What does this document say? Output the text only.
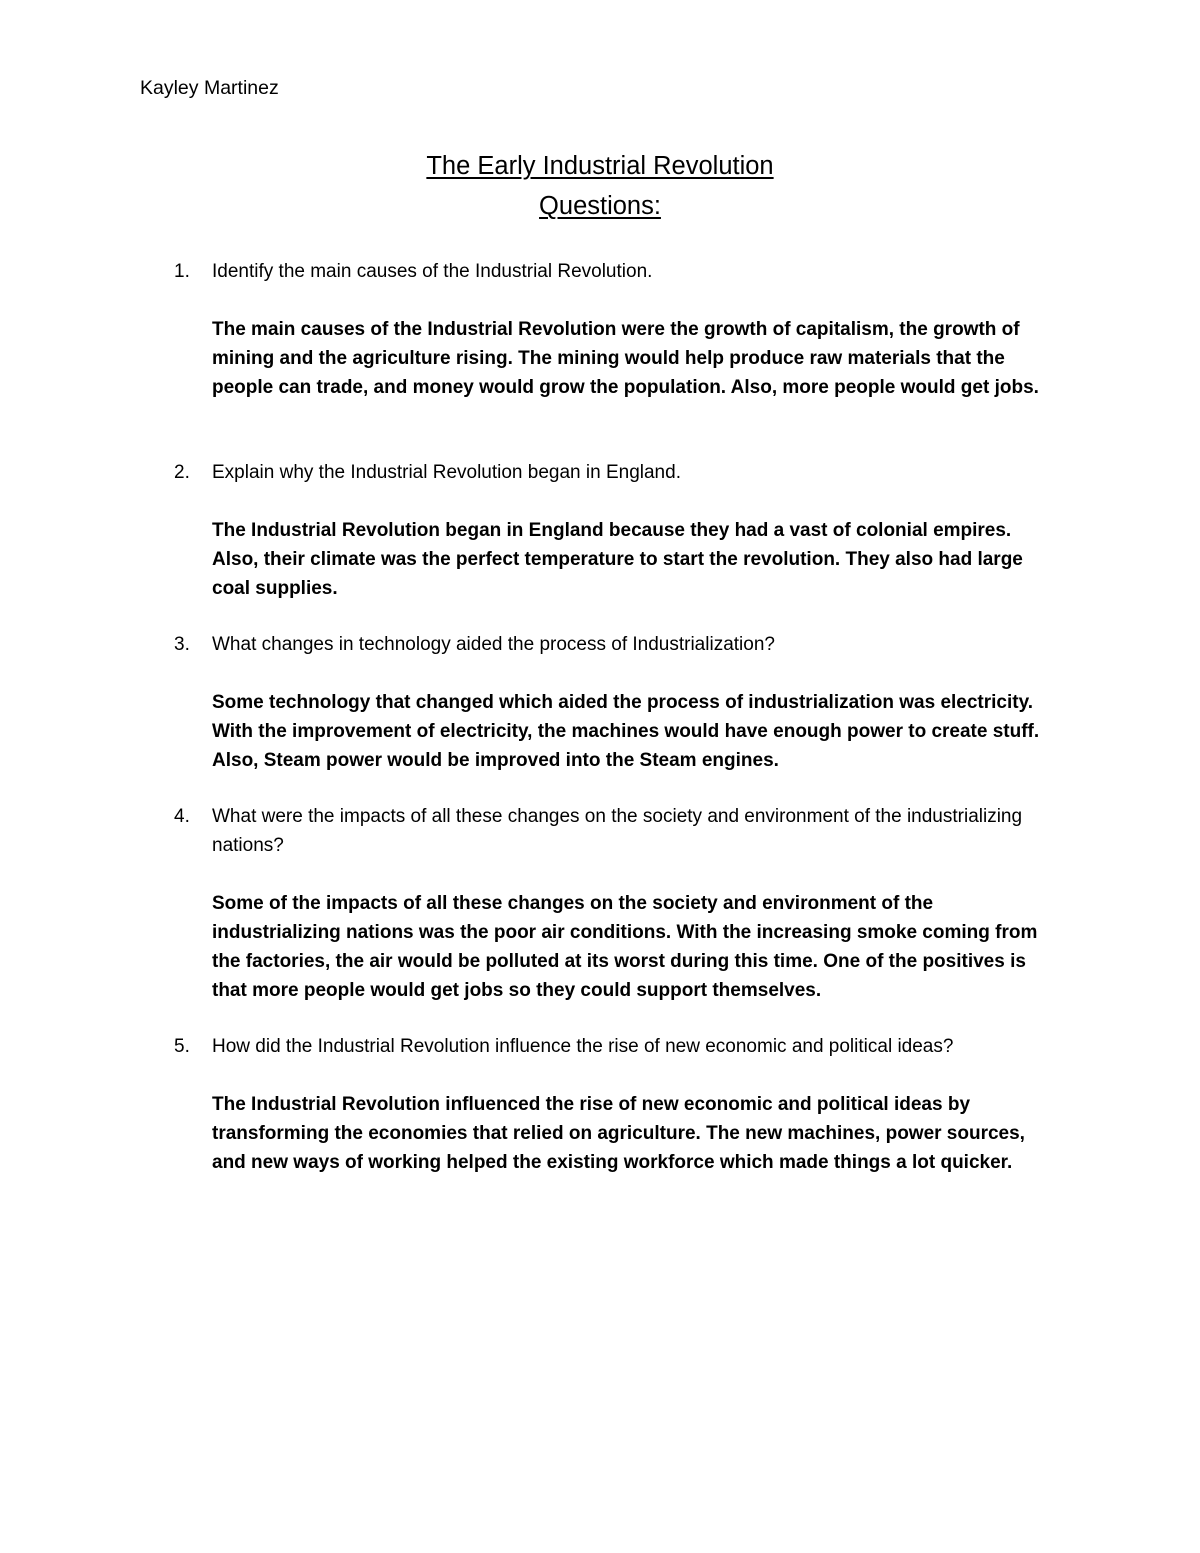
Kayley Martinez
The Early Industrial Revolution
Questions:
1.	Identify the main causes of the Industrial Revolution.
The main causes of the Industrial Revolution were the growth of capitalism, the growth of mining and the agriculture rising. The mining would help produce raw materials that the people can trade, and money would grow the population. Also, more people would get jobs.
2.	Explain why the Industrial Revolution began in England.
The Industrial Revolution began in England because they had a vast of colonial empires. Also, their climate was the perfect temperature to start the revolution. They also had large coal supplies.
3.	What changes in technology aided the process of Industrialization?
Some technology that changed which aided the process of industrialization was electricity. With the improvement of electricity, the machines would have enough power to create stuff. Also, Steam power would be improved into the Steam engines.
4.	What were the impacts of all these changes on the society and environment of the industrializing nations?
Some of the impacts of all these changes on the society and environment of the industrializing nations was the poor air conditions. With the increasing smoke coming from the factories, the air would be polluted at its worst during this time. One of the positives is that more people would get jobs so they could support themselves.
5.	How did the Industrial Revolution influence the rise of new economic and political ideas?
The Industrial Revolution influenced the rise of new economic and political ideas by transforming the economies that relied on agriculture. The new machines, power sources, and new ways of working helped the existing workforce which made things a lot quicker.
